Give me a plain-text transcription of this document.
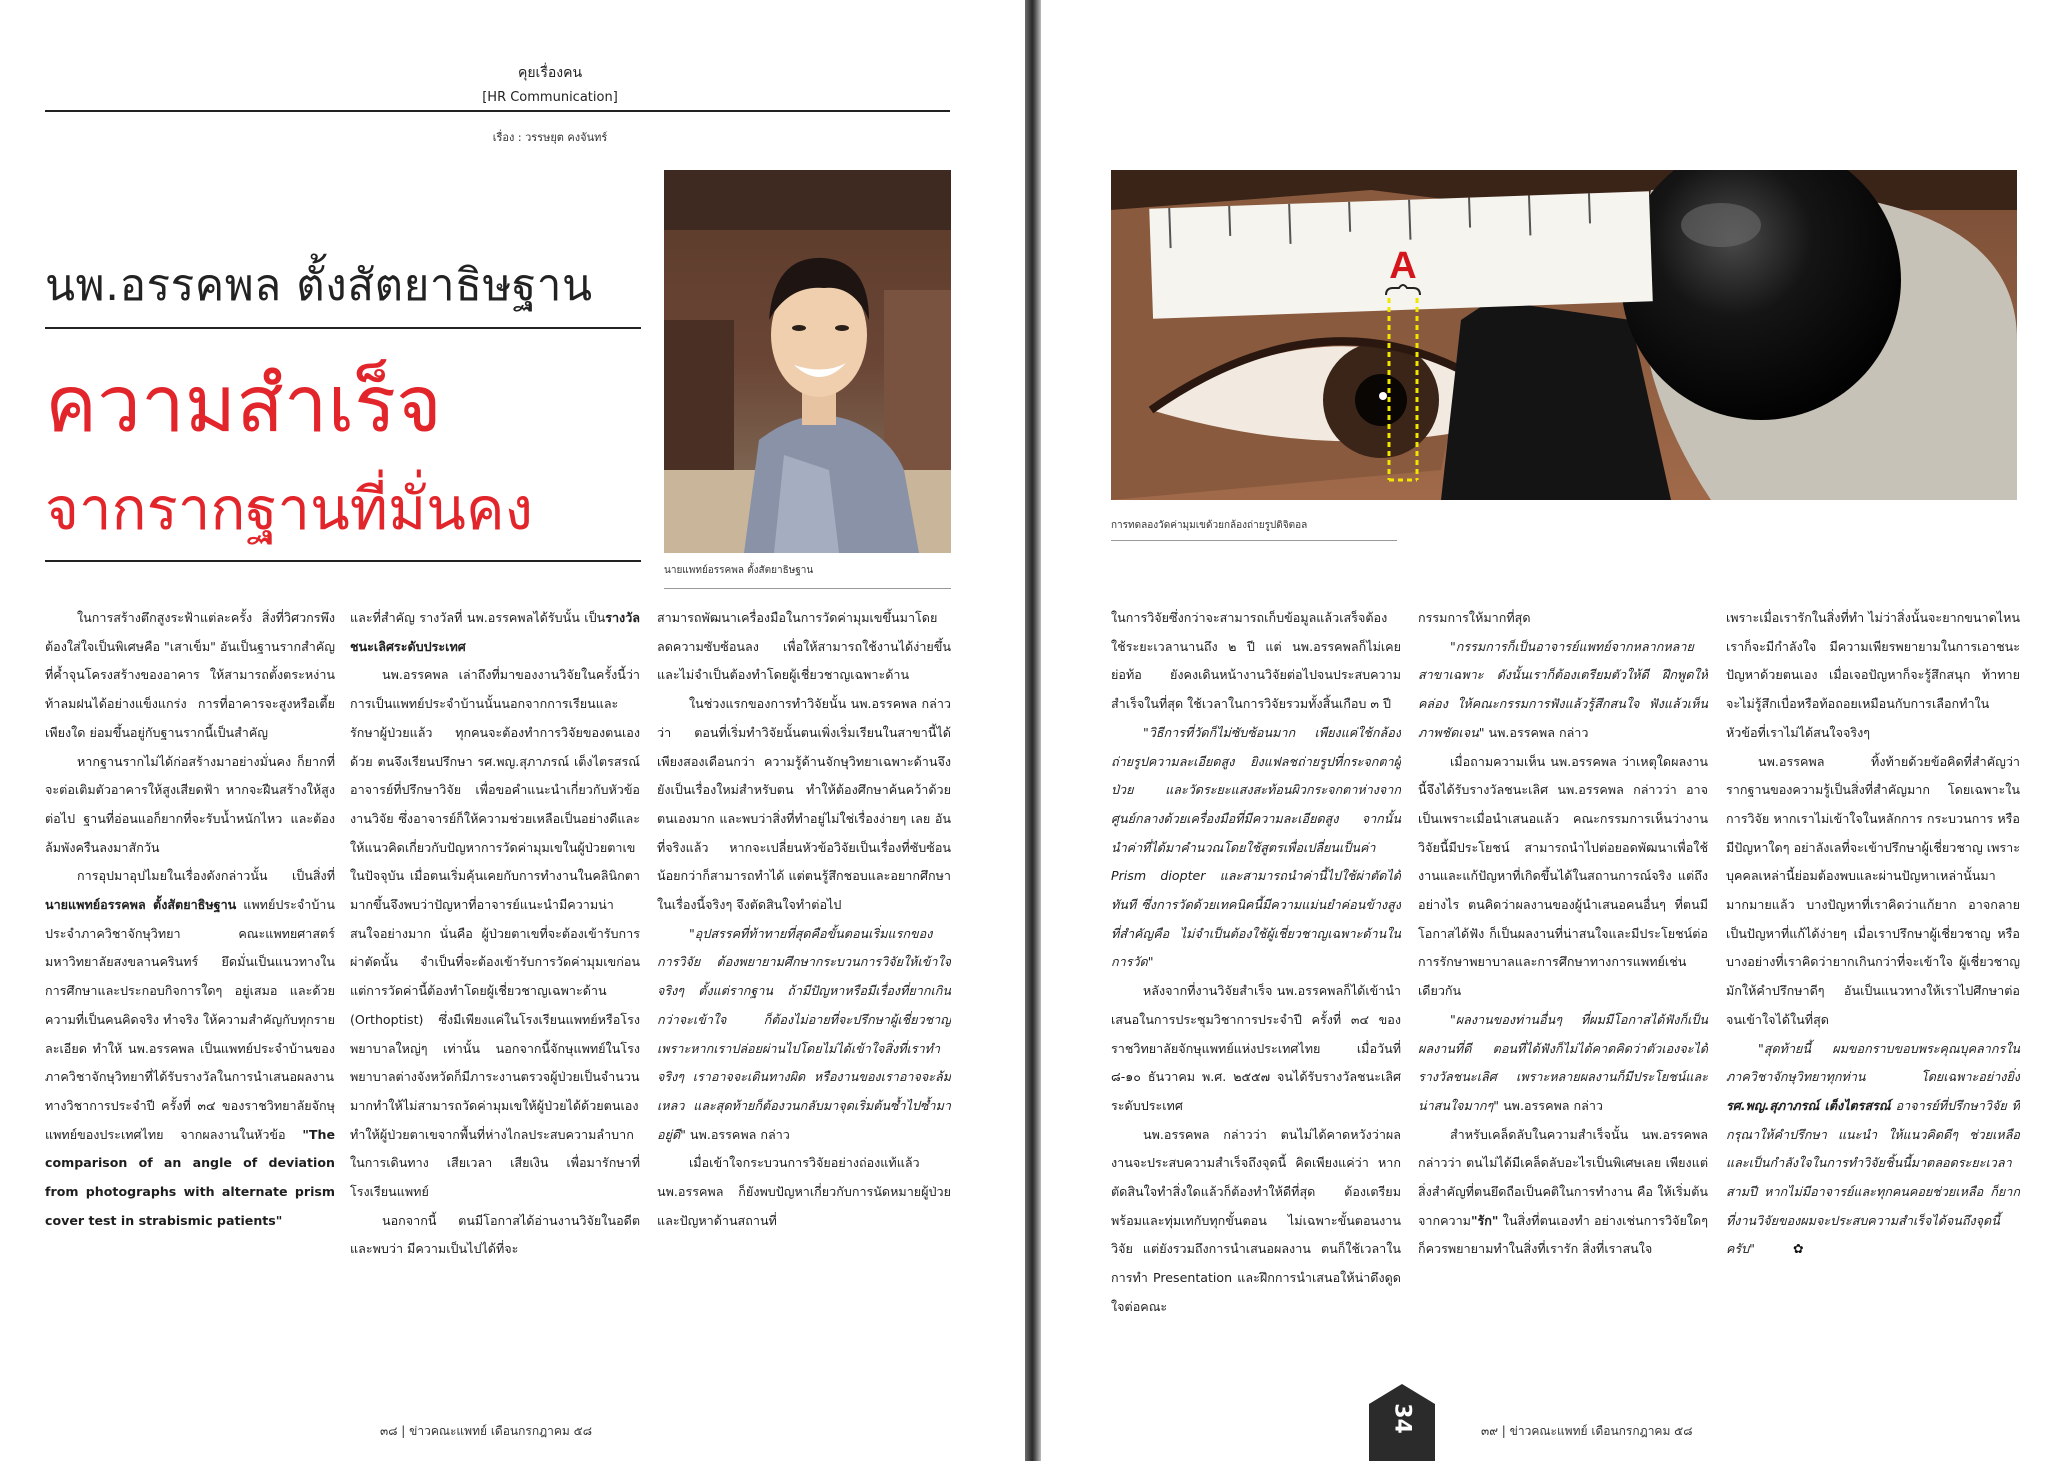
คุยเรื่องคน
[HR Communication]
เรื่อง : วรรษยุต คงจันทร์
นพ.อรรคพล ตั้งสัตยาธิษฐาน
ความสำเร็จ
จากรากฐานที่มั่นคง
นายแพทย์อรรคพล ตั้งสัตยาธิษฐาน

ในการสร้างตึกสูงระฟ้าแต่ละครั้ง สิ่งที่วิศวกรพึงต้องใส่ใจเป็นพิเศษคือ "เสาเข็ม" อันเป็นฐานรากสำคัญที่ค้ำจุนโครงสร้างของอาคาร ให้สามารถตั้งตระหง่านท้าลมฝนได้อย่างแข็งแกร่ง การที่อาคารจะสูงหรือเตี้ยเพียงใด ย่อมขึ้นอยู่กับฐานรากนี้เป็นสำคัญ

หากฐานรากไม่ได้ก่อสร้างมาอย่างมั่นคง ก็ยากที่จะต่อเติมตัวอาคารให้สูงเสียดฟ้า หากจะฝืนสร้างให้สูงต่อไป ฐานที่อ่อนแอก็ยากที่จะรับน้ำหนักไหว และต้องล้มพังครืนลงมาสักวัน

การอุปมาอุปไมยในเรื่องดังกล่าวนั้น เป็นสิ่งที่นายแพทย์อรรคพล ตั้งสัตยาธิษฐาน แพทย์ประจำบ้านประจำภาควิชาจักษุวิทยา คณะแพทยศาสตร์ มหาวิทยาลัยสงขลานครินทร์ ยึดมั่นเป็นแนวทางในการศึกษาและประกอบกิจการใดๆ อยู่เสมอ และด้วยความที่เป็นคนคิดจริง ทำจริง ให้ความสำคัญกับทุกรายละเอียด ทำให้ นพ.อรรคพล เป็นแพทย์ประจำบ้านของภาควิชาจักษุวิทยาที่ได้รับรางวัลในการนำเสนอผลงานทางวิชาการประจำปี ครั้งที่ ๓๔ ของราชวิทยาลัยจักษุแพทย์ของประเทศไทย จากผลงานในหัวข้อ "The comparison of an angle of deviation from photographs with alternate prism cover test in strabismic patients"

และที่สำคัญ รางวัลที่ นพ.อรรคพลได้รับนั้น เป็นรางวัลชนะเลิศระดับประเทศ

นพ.อรรคพล เล่าถึงที่มาของงานวิจัยในครั้งนี้ว่า การเป็นแพทย์ประจำบ้านนั้นนอกจากการเรียนและรักษาผู้ป่วยแล้ว ทุกคนจะต้องทำการวิจัยของตนเองด้วย ตนจึงเรียนปรึกษา รศ.พญ.สุภาภรณ์ เต็งไตรสรณ์ อาจารย์ที่ปรึกษาวิจัย เพื่อขอคำแนะนำเกี่ยวกับหัวข้องานวิจัย ซึ่งอาจารย์ก็ให้ความช่วยเหลือเป็นอย่างดีและให้แนวคิดเกี่ยวกับปัญหาการวัดค่ามุมเขในผู้ป่วยตาเขในปัจจุบัน เมื่อตนเริ่มคุ้นเคยกับการทำงานในคลินิกตามากขึ้นจึงพบว่าปัญหาที่อาจารย์แนะนำมีความน่าสนใจอย่างมาก นั่นคือ ผู้ป่วยตาเขที่จะต้องเข้ารับการผ่าตัดนั้น จำเป็นที่จะต้องเข้ารับการวัดค่ามุมเขก่อน แต่การวัดค่านี้ต้องทำโดยผู้เชี่ยวชาญเฉพาะด้าน (Orthoptist) ซึ่งมีเพียงแค่ในโรงเรียนแพทย์หรือโรงพยาบาลใหญ่ๆ เท่านั้น นอกจากนี้จักษุแพทย์ในโรงพยาบาลต่างจังหวัดก็มีภาระงานตรวจผู้ป่วยเป็นจำนวนมากทำให้ไม่สามารถวัดค่ามุมเขให้ผู้ป่วยได้ด้วยตนเองทำให้ผู้ป่วยตาเขจากพื้นที่ห่างไกลประสบความลำบากในการเดินทาง เสียเวลา เสียเงิน เพื่อมารักษาที่โรงเรียนแพทย์

นอกจากนี้ ตนมีโอกาสได้อ่านงานวิจัยในอดีต และพบว่า มีความเป็นไปได้ที่จะ

สามารถพัฒนาเครื่องมือในการวัดค่ามุมเขขึ้นมาโดยลดความซับซ้อนลง เพื่อให้สามารถใช้งานได้ง่ายขึ้น และไม่จำเป็นต้องทำโดยผู้เชี่ยวชาญเฉพาะด้าน

ในช่วงแรกของการทำวิจัยนั้น นพ.อรรคพล กล่าวว่า ตอนที่เริ่มทำวิจัยนั้นตนเพิ่งเริ่มเรียนในสาขานี้ได้เพียงสองเดือนกว่า ความรู้ด้านจักษุวิทยาเฉพาะด้านจึงยังเป็นเรื่องใหม่สำหรับตน ทำให้ต้องศึกษาค้นคว้าด้วยตนเองมาก และพบว่าสิ่งที่ทำอยู่ไม่ใช่เรื่องง่ายๆ เลย อันที่จริงแล้ว หากจะเปลี่ยนหัวข้อวิจัยเป็นเรื่องที่ซับซ้อนน้อยกว่าก็สามารถทำได้ แต่ตนรู้สึกชอบและอยากศึกษาในเรื่องนี้จริงๆ จึงตัดสินใจทำต่อไป

"อุปสรรคที่ท้าทายที่สุดคือขั้นตอนเริ่มแรกของการวิจัย ต้องพยายามศึกษากระบวนการวิจัยให้เข้าใจจริงๆ ตั้งแต่รากฐาน ถ้ามีปัญหาหรือมีเรื่องที่ยากเกินกว่าจะเข้าใจ ก็ต้องไม่อายที่จะปรึกษาผู้เชี่ยวชาญ เพราะหากเราปล่อยผ่านไปโดยไม่ได้เข้าใจสิ่งที่เราทำจริงๆ เราอาจจะเดินทางผิด หรืองานของเราอาจจะล้มเหลว และสุดท้ายก็ต้องวนกลับมาจุดเริ่มต้นซ้ำไปซ้ำมาอยู่ดี" นพ.อรรคพล กล่าว

เมื่อเข้าใจกระบวนการวิจัยอย่างถ่องแท้แล้ว นพ.อรรคพล ก็ยังพบปัญหาเกี่ยวกับการนัดหมายผู้ป่วย และปัญหาด้านสถานที่

๓๘ | ข่าวคณะแพทย์ เดือนกรกฎาคม ๕๘
A
การทดลองวัดค่ามุมเขด้วยกล้องถ่ายรูปดิจิตอล

ในการวิจัยซึ่งกว่าจะสามารถเก็บข้อมูลแล้วเสร็จต้องใช้ระยะเวลานานถึง ๒ ปี แต่ นพ.อรรคพลก็ไม่เคยย่อท้อ ยังคงเดินหน้างานวิจัยต่อไปจนประสบความสำเร็จในที่สุด ใช้เวลาในการวิจัยรวมทั้งสิ้นเกือบ ๓ ปี

"วิธีการที่วัดก็ไม่ซับซ้อนมาก เพียงแค่ใช้กล้องถ่ายรูปความละเอียดสูง ยิงแฟลชถ่ายรูปที่กระจกตาผู้ป่วย และวัดระยะแสงสะท้อนผิวกระจกตาห่างจากศูนย์กลางด้วยเครื่องมือที่มีความละเอียดสูง จากนั้น นำค่าที่ได้มาคำนวณโดยใช้สูตรเพื่อเปลี่ยนเป็นค่า Prism diopter และสามารถนำค่านี้ไปใช้ผ่าตัดได้ทันที ซึ่งการวัดด้วยเทคนิคนี้มีความแม่นยำค่อนข้างสูง ที่สำคัญคือ ไม่จำเป็นต้องใช้ผู้เชี่ยวชาญเฉพาะด้านในการวัด"

หลังจากที่งานวิจัยสำเร็จ นพ.อรรคพลก็ได้เข้านำเสนอในการประชุมวิชาการประจำปี ครั้งที่ ๓๔ ของราชวิทยาลัยจักษุแพทย์แห่งประเทศไทย เมื่อวันที่ ๘-๑๐ ธันวาคม พ.ศ. ๒๕๕๗ จนได้รับรางวัลชนะเลิศระดับประเทศ

นพ.อรรคพล กล่าวว่า ตนไม่ได้คาดหวังว่าผลงานจะประสบความสำเร็จถึงจุดนี้ คิดเพียงแค่ว่า หากตัดสินใจทำสิ่งใดแล้วก็ต้องทำให้ดีที่สุด ต้องเตรียมพร้อมและทุ่มเทกับทุกขั้นตอน ไม่เฉพาะขั้นตอนงานวิจัย แต่ยังรวมถึงการนำเสนอผลงาน ตนก็ใช้เวลาในการทำ Presentation และฝึกการนำเสนอให้น่าดึงดูดใจต่อคณะ

กรรมการให้มากที่สุด

"กรรมการก็เป็นอาจารย์แพทย์จากหลากหลายสาขาเฉพาะ ดังนั้นเราก็ต้องเตรียมตัวให้ดี ฝึกพูดให้คล่อง ให้คณะกรรมการฟังแล้วรู้สึกสนใจ ฟังแล้วเห็นภาพชัดเจน" นพ.อรรคพล กล่าว

เมื่อถามความเห็น นพ.อรรคพล ว่าเหตุใดผลงานนี้จึงได้รับรางวัลชนะเลิศ นพ.อรรคพล กล่าวว่า อาจเป็นเพราะเมื่อนำเสนอแล้ว คณะกรรมการเห็นว่างานวิจัยนี้มีประโยชน์ สามารถนำไปต่อยอดพัฒนาเพื่อใช้งานและแก้ปัญหาที่เกิดขึ้นได้ในสถานการณ์จริง แต่ถึงอย่างไร ตนคิดว่าผลงานของผู้นำเสนอคนอื่นๆ ที่ตนมีโอกาสได้ฟัง ก็เป็นผลงานที่น่าสนใจและมีประโยชน์ต่อการรักษาพยาบาลและการศึกษาทางการแพทย์เช่นเดียวกัน

"ผลงานของท่านอื่นๆ ที่ผมมีโอกาสได้ฟังก็เป็นผลงานที่ดี ตอนที่ได้ฟังก็ไม่ได้คาดคิดว่าตัวเองจะได้รางวัลชนะเลิศ เพราะหลายผลงานก็มีประโยชน์และน่าสนใจมากๆ" นพ.อรรคพล กล่าว

สำหรับเคล็ดลับในความสำเร็จนั้น นพ.อรรคพล กล่าวว่า ตนไม่ได้มีเคล็ดลับอะไรเป็นพิเศษเลย เพียงแต่สิ่งสำคัญที่ตนยึดถือเป็นคติในการทำงาน คือ ให้เริ่มต้นจากความ"รัก" ในสิ่งที่ตนเองทำ อย่างเช่นการวิจัยใดๆ ก็ควรพยายามทำในสิ่งที่เรารัก สิ่งที่เราสนใจ

เพราะเมื่อเรารักในสิ่งที่ทำ ไม่ว่าสิ่งนั้นจะยากขนาดไหน เราก็จะมีกำลังใจ มีความเพียรพยายามในการเอาชนะปัญหาด้วยตนเอง เมื่อเจอปัญหาก็จะรู้สึกสนุก ท้าทาย จะไม่รู้สึกเบื่อหรือท้อถอยเหมือนกับการเลือกทำในหัวข้อที่เราไม่ได้สนใจจริงๆ

นพ.อรรคพล ทิ้งท้ายด้วยข้อคิดที่สำคัญว่า รากฐานของความรู้เป็นสิ่งที่สำคัญมาก โดยเฉพาะในการวิจัย หากเราไม่เข้าใจในหลักการ กระบวนการ หรือมีปัญหาใดๆ อย่าลังเลที่จะเข้าปรึกษาผู้เชี่ยวชาญ เพราะบุคคลเหล่านี้ย่อมต้องพบและผ่านปัญหาเหล่านั้นมามากมายแล้ว บางปัญหาที่เราคิดว่าแก้ยาก อาจกลายเป็นปัญหาที่แก้ได้ง่ายๆ เมื่อเราปรึกษาผู้เชี่ยวชาญ หรือบางอย่างที่เราคิดว่ายากเกินกว่าที่จะเข้าใจ ผู้เชี่ยวชาญมักให้คำปรึกษาดีๆ อันเป็นแนวทางให้เราไปศึกษาต่อจนเข้าใจได้ในที่สุด

"สุดท้ายนี้ ผมขอกราบขอบพระคุณบุคลากรในภาควิชาจักษุวิทยาทุกท่าน โดยเฉพาะอย่างยิ่ง รศ.พญ.สุภาภรณ์ เต็งไตรสรณ์ อาจารย์ที่ปรึกษาวิจัย ที่กรุณาให้คำปรึกษา แนะนำ ให้แนวคิดดีๆ ช่วยเหลือ และเป็นกำลังใจในการทำวิจัยชิ้นนี้มาตลอดระยะเวลาสามปี หากไม่มีอาจารย์และทุกคนคอยช่วยเหลือ ก็ยากที่งานวิจัยของผมจะประสบความสำเร็จได้จนถึงจุดนี้ครับ"	✿

34	๓๙ | ข่าวคณะแพทย์ เดือนกรกฎาคม ๕๘
